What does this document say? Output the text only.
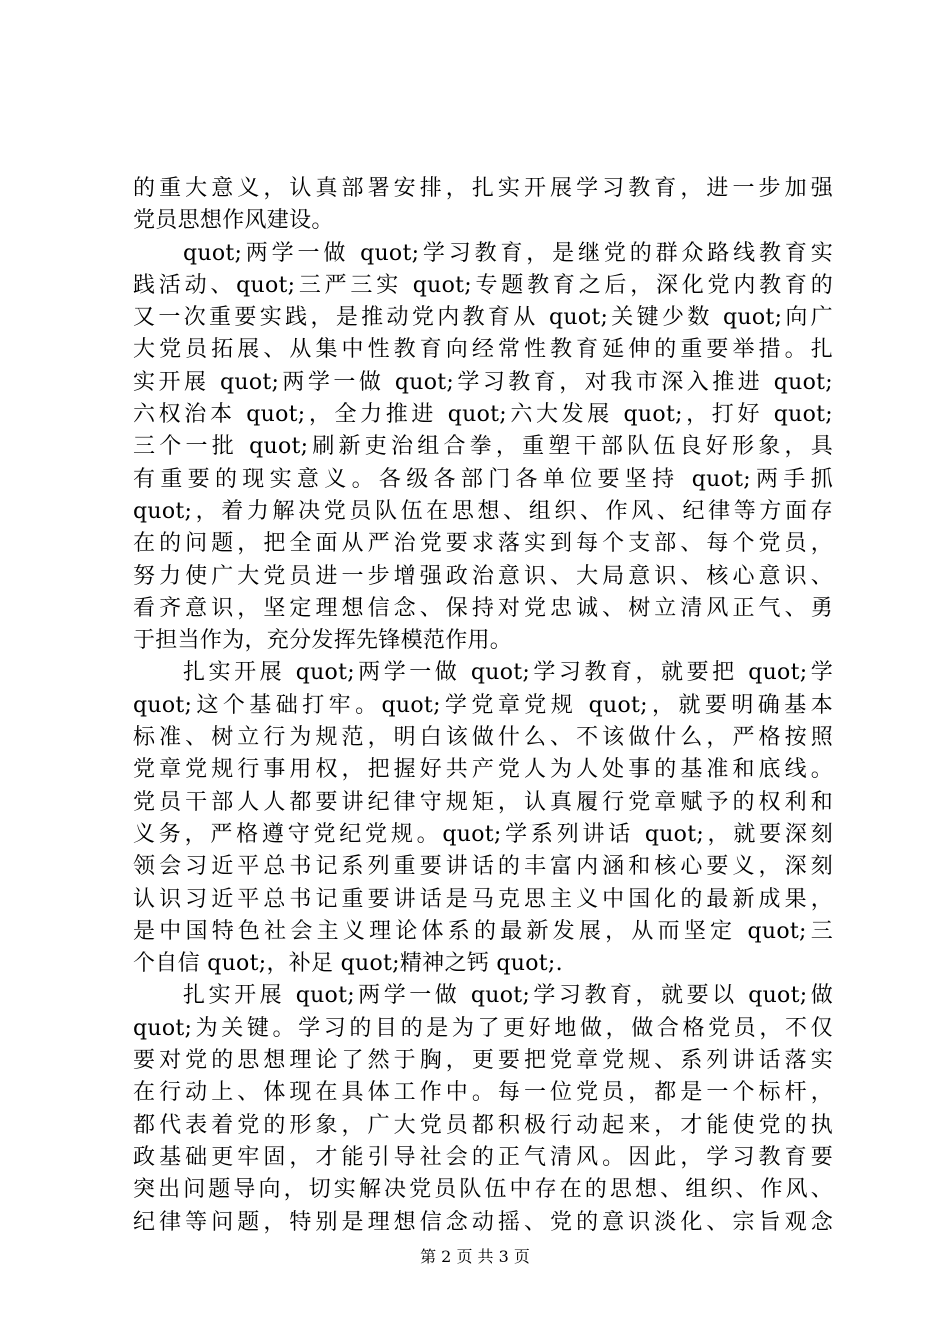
的重大意义，认真部署安排，扎实开展学习教育，进一步加强
党员思想作风建设。
quot;两学一做 quot;学习教育，是继党的群众路线教育实
践活动、quot;三严三实 quot;专题教育之后，深化党内教育的
又一次重要实践，是推动党内教育从 quot;关键少数 quot;向广
大党员拓展、从集中性教育向经常性教育延伸的重要举措。扎
实开展 quot;两学一做 quot;学习教育，对我市深入推进 quot;
六权治本 quot;，全力推进 quot;六大发展 quot;，打好 quot;
三个一批 quot;刷新吏治组合拳，重塑干部队伍良好形象，具
有重要的现实意义。各级各部门各单位要坚持 quot;两手抓
quot;，着力解决党员队伍在思想、组织、作风、纪律等方面存
在的问题，把全面从严治党要求落实到每个支部、每个党员，
努力使广大党员进一步增强政治意识、大局意识、核心意识、
看齐意识，坚定理想信念、保持对党忠诚、树立清风正气、勇
于担当作为，充分发挥先锋模范作用。
扎实开展 quot;两学一做 quot;学习教育，就要把 quot;学
quot;这个基础打牢。quot;学党章党规 quot;，就要明确基本
标准、树立行为规范，明白该做什么、不该做什么，严格按照
党章党规行事用权，把握好共产党人为人处事的基准和底线。
党员干部人人都要讲纪律守规矩，认真履行党章赋予的权利和
义务，严格遵守党纪党规。quot;学系列讲话 quot;，就要深刻
领会习近平总书记系列重要讲话的丰富内涵和核心要义，深刻
认识习近平总书记重要讲话是马克思主义中国化的最新成果，
是中国特色社会主义理论体系的最新发展，从而坚定 quot;三
个自信 quot;，补足 quot;精神之钙 quot;.
扎实开展 quot;两学一做 quot;学习教育，就要以 quot;做
quot;为关键。学习的目的是为了更好地做，做合格党员，不仅
要对党的思想理论了然于胸，更要把党章党规、系列讲话落实
在行动上、体现在具体工作中。每一位党员，都是一个标杆，
都代表着党的形象，广大党员都积极行动起来，才能使党的执
政基础更牢固，才能引导社会的正气清风。因此，学习教育要
突出问题导向，切实解决党员队伍中存在的思想、组织、作风、
纪律等问题，特别是理想信念动摇、党的意识淡化、宗旨观念
第 2 页 共 3 页
